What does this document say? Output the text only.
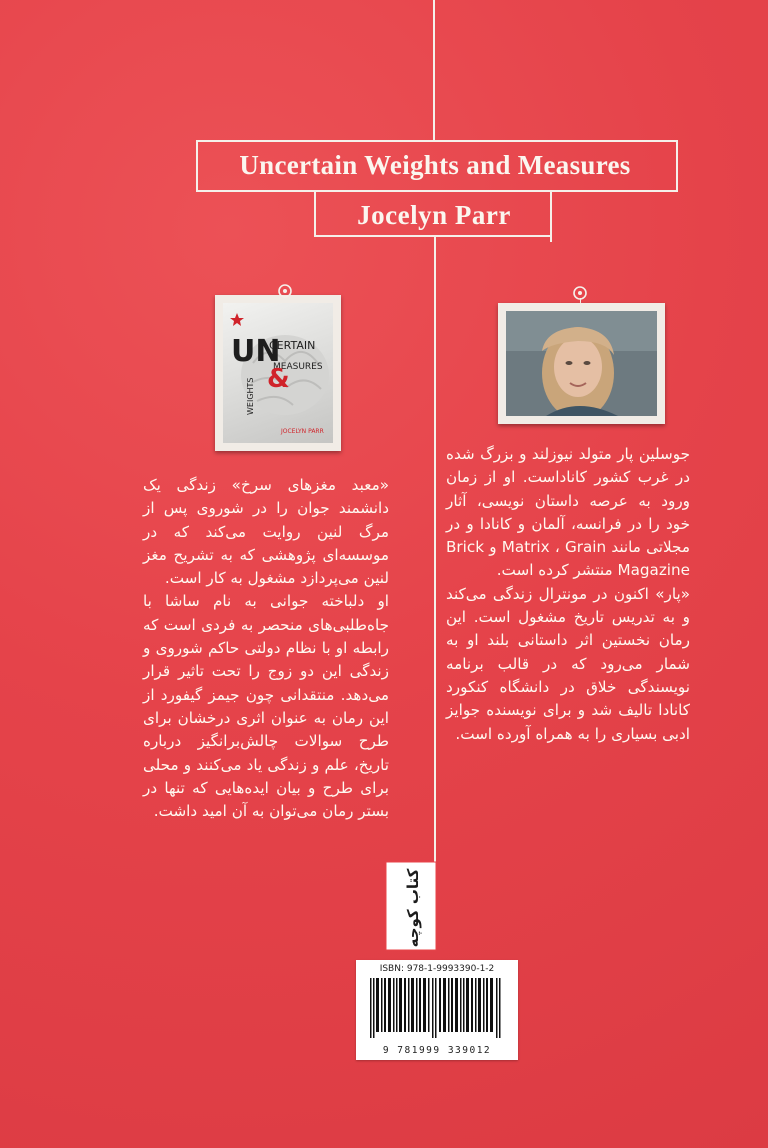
Uncertain Weights and Measures
Jocelyn Parr
UN
CERTAIN
MEASURES
&
WEIGHTS
JOCELYN PARR

جوسلین پار متولد نیوزلند و بزرگ شده در غرب کشور کاناداست. او از زمان ورود به عرصه داستان نویسی، آثار خود را در فرانسه، آلمان و کانادا و در مجلاتی مانند Matrix ، Grain و Brick Magazine منتشر کرده است.

«پار» اکنون در مونترال زندگی می‌کند و به تدریس تاریخ مشغول است. این رمان نخستین اثر داستانی بلند او به شمار می‌رود که در قالب برنامه نویسندگی خلاق در دانشگاه کنکورد کانادا تالیف شد و برای نویسنده جوایز ادبی بسیاری را به همراه آورده است.

«معبد مغزهای سرخ» زندگی یک دانشمند جوان را در شوروی پس از مرگ لنین روایت می‌کند که در موسسه‌ای پژوهشی که به تشریح مغز لنین می‌پردازد مشغول به کار است.

او دلباخته جوانی به نام ساشا با جاه‌طلبی‌های منحصر به فردی است که رابطه او با نظام دولتی حاکم شوروی و زندگی این دو زوج را تحت تاثیر قرار می‌دهد. منتقدانی چون جیمز گیفورد از این رمان به عنوان اثری درخشان برای طرح سوالات چالش‌برانگیز درباره تاریخ، علم و زندگی یاد می‌کنند و محلی برای طرح و بیان ایده‌هایی که تنها در بستر رمان می‌توان به آن امید داشت.

کتاب کوچه
ISBN: 978-1-9993390-1-2
9 781999 339012
